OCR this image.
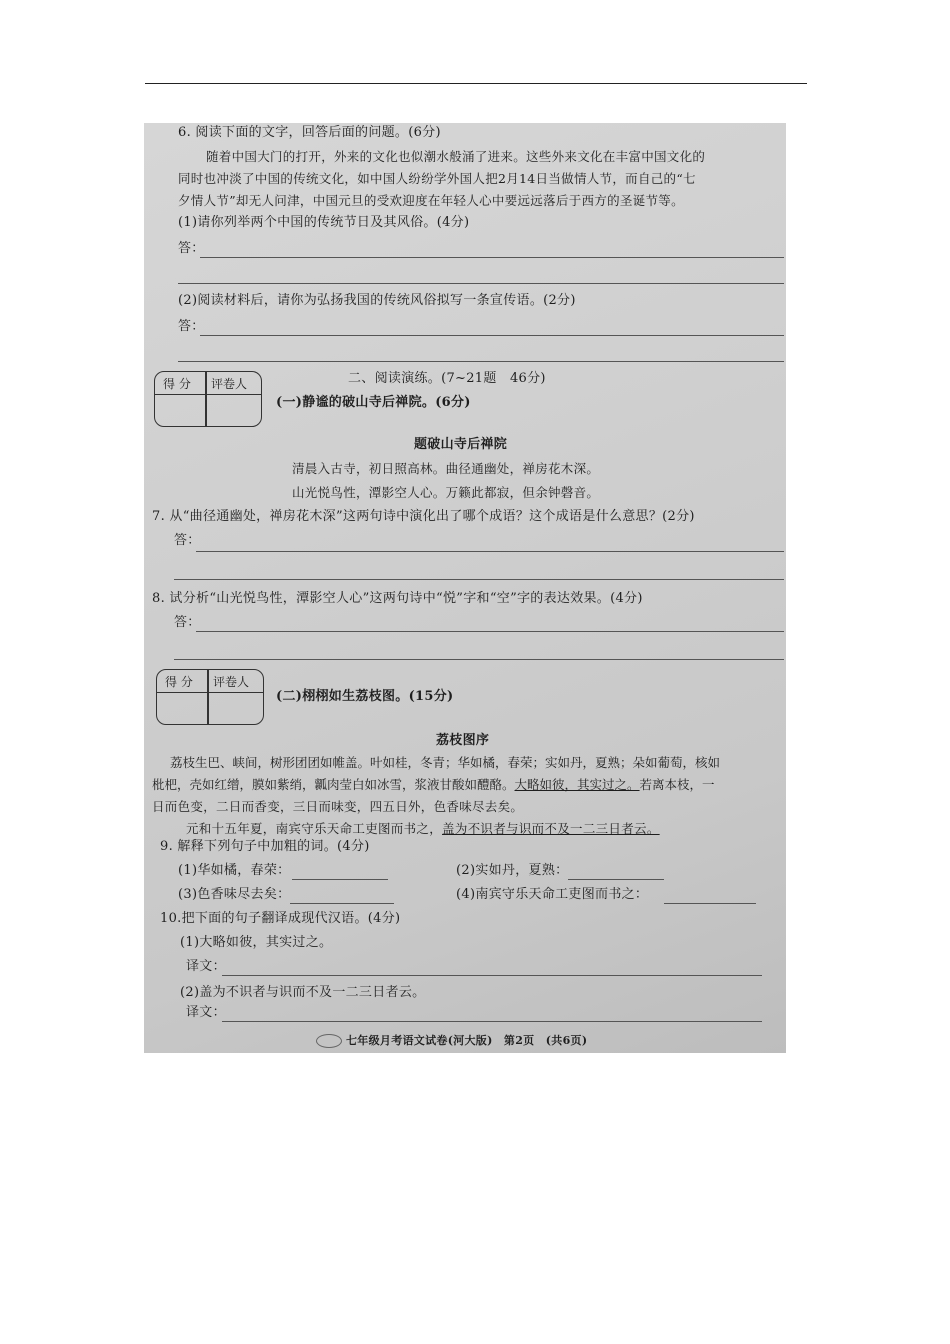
6. 阅读下面的文字，回答后面的问题。(6分)
随着中国大门的打开，外来的文化也似潮水般涌了进来。这些外来文化在丰富中国文化的
同时也冲淡了中国的传统文化，如中国人纷纷学外国人把2月14日当做情人节，而自己的“七
夕情人节”却无人问津，中国元旦的受欢迎度在年轻人心中要远远落后于西方的圣诞节等。
(1)请你列举两个中国的传统节日及其风俗。(4分)
答：
(2)阅读材料后，请你为弘扬我国的传统风俗拟写一条宣传语。(2分)
答：
得 分 评卷人	二、阅读演练。(7~21题　46分)
(一)静谧的破山寺后禅院。(6分)
题破山寺后禅院
清晨入古寺，初日照高林。曲径通幽处，禅房花木深。
山光悦鸟性，潭影空人心。万籁此都寂，但余钟磬音。
7. 从“曲径通幽处，禅房花木深”这两句诗中演化出了哪个成语？这个成语是什么意思？(2分)
答：
8. 试分析“山光悦鸟性，潭影空人心”这两句诗中“悦”字和“空”字的表达效果。(4分)
答：
得 分 评卷人
(二)栩栩如生荔枝图。(15分)
荔枝图序
荔枝生巴、峡间，树形团团如帷盖。叶如桂，冬青；华如橘，春荣；实如丹，夏熟；朵如葡萄，核如
枇杷，壳如红缯，膜如紫绡，瓤肉莹白如冰雪，浆液甘酸如醴酪。大略如彼，其实过之。若离本枝，一
日而色变，二日而香变，三日而味变，四五日外，色香味尽去矣。
元和十五年夏，南宾守乐天命工吏图而书之，盖为不识者与识而不及一二三日者云。
9. 解释下列句子中加粗的词。(4分)
(1)华如橘，春荣：	(2)实如丹，夏熟：
(3)色香味尽去矣：	(4)南宾守乐天命工吏图而书之：
10.把下面的句子翻译成现代汉语。(4分)
(1)大略如彼，其实过之。
译文：
(2)盖为不识者与识而不及一二三日者云。
译文：
七年级月考语文试卷(河大版)　第2页　(共6页)
